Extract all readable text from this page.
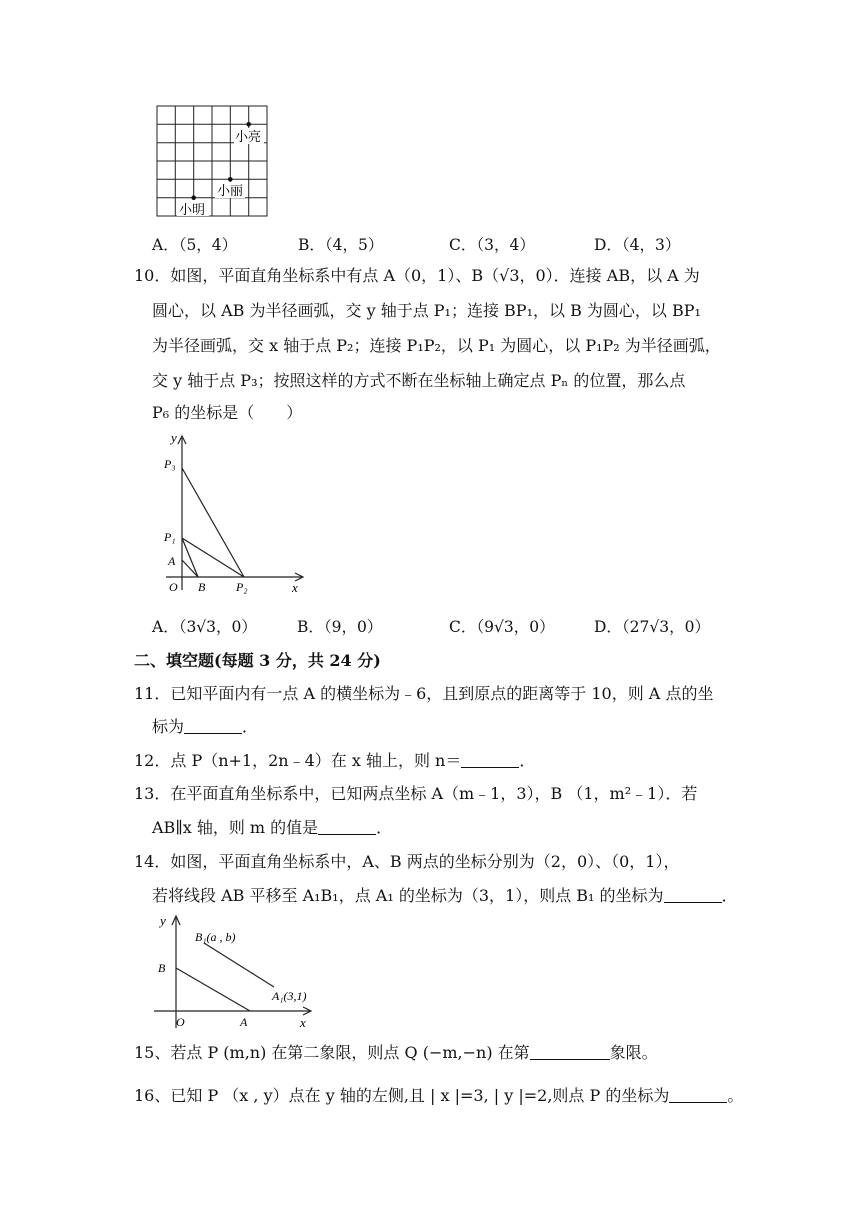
小亮
小丽
小明
A．（5，4）	B．（4，5）	C．（3，4）	D．（4，3）
10．如图，平面直角坐标系中有点 A（0，1）、B（√3，0）．连接 AB，以 A 为
圆心，以 AB 为半径画弧，交 y 轴于点 P₁；连接 BP₁，以 B 为圆心，以 BP₁
为半径画弧，交 x 轴于点 P₂；连接 P₁P₂，以 P₁ 为圆心，以 P₁P₂ 为半径画弧，
交 y 轴于点 P₃；按照这样的方式不断在坐标轴上确定点 Pₙ 的位置，那么点
P₆ 的坐标是（　　）
y
P₃
P₁
A
O B	P₂	x
A．（3√3，0）	B．（9，0）	C．（9√3，0）	D．（27√3，0）
二、填空题(每题 3 分，共 24 分)
11．已知平面内有一点 A 的横坐标为﹣6，且到原点的距离等于 10，则 A 点的坐
标为	．
12．点 P（n+1，2n﹣4）在 x 轴上，则 n＝	．
13．在平面直角坐标系中，已知两点坐标 A（m﹣1，3），B （1，m²﹣1）．若
AB∥x 轴，则 m 的值是	．
14．如图，平面直角坐标系中，A、B 两点的坐标分别为（2，0）、（0，1），
若将线段 AB 平移至 A₁B₁，点 A₁ 的坐标为（3，1），则点 B₁ 的坐标为	．
y
B
B₁(a , b)
A₁(3,1)
O	A	x
15、若点 P (m,n) 在第二象限，则点 Q (−m,−n) 在第	象限。
16、已知 P （x , y）点在 y 轴的左侧,且 | x |=3, | y |=2,则点 P 的坐标为	。
